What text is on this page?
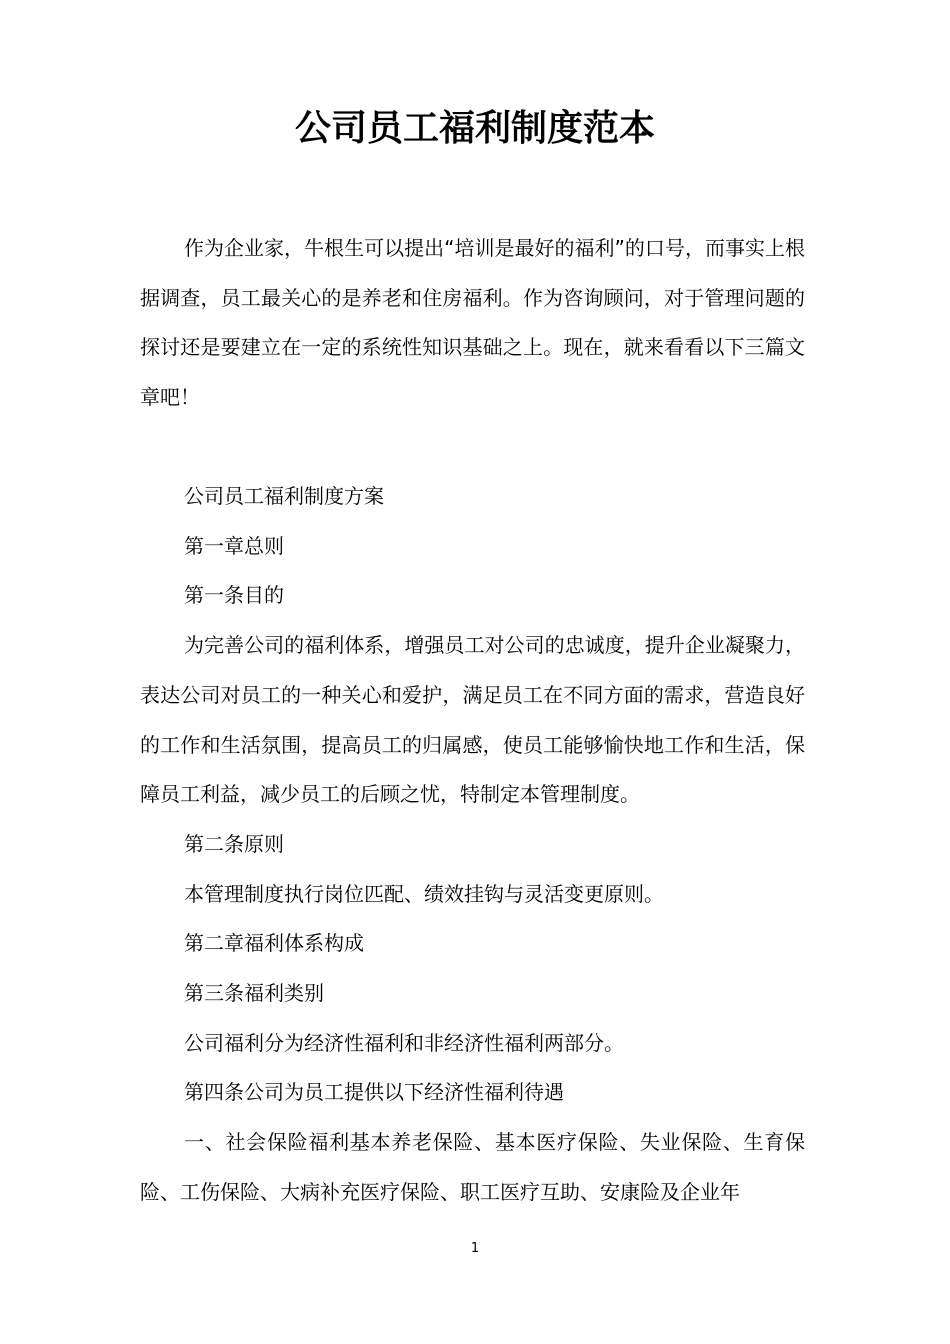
公司员工福利制度范本

作为企业家，牛根生可以提出“培训是最好的福利”的口号，而事实上根据调查，员工最关心的是养老和住房福利。作为咨询顾问，对于管理问题的探讨还是要建立在一定的系统性知识基础之上。现在，就来看看以下三篇文章吧！

公司员工福利制度方案

第一章总则

第一条目的

为完善公司的福利体系，增强员工对公司的忠诚度，提升企业凝聚力，表达公司对员工的一种关心和爱护，满足员工在不同方面的需求，营造良好的工作和生活氛围，提高员工的归属感，使员工能够愉快地工作和生活，保障员工利益，减少员工的后顾之忧，特制定本管理制度。

第二条原则

本管理制度执行岗位匹配、绩效挂钩与灵活变更原则。

第二章福利体系构成

第三条福利类别

公司福利分为经济性福利和非经济性福利两部分。

第四条公司为员工提供以下经济性福利待遇

一、社会保险福利基本养老保险、基本医疗保险、失业保险、生育保险、工伤保险、大病补充医疗保险、职工医疗互助、安康险及企业年

1
